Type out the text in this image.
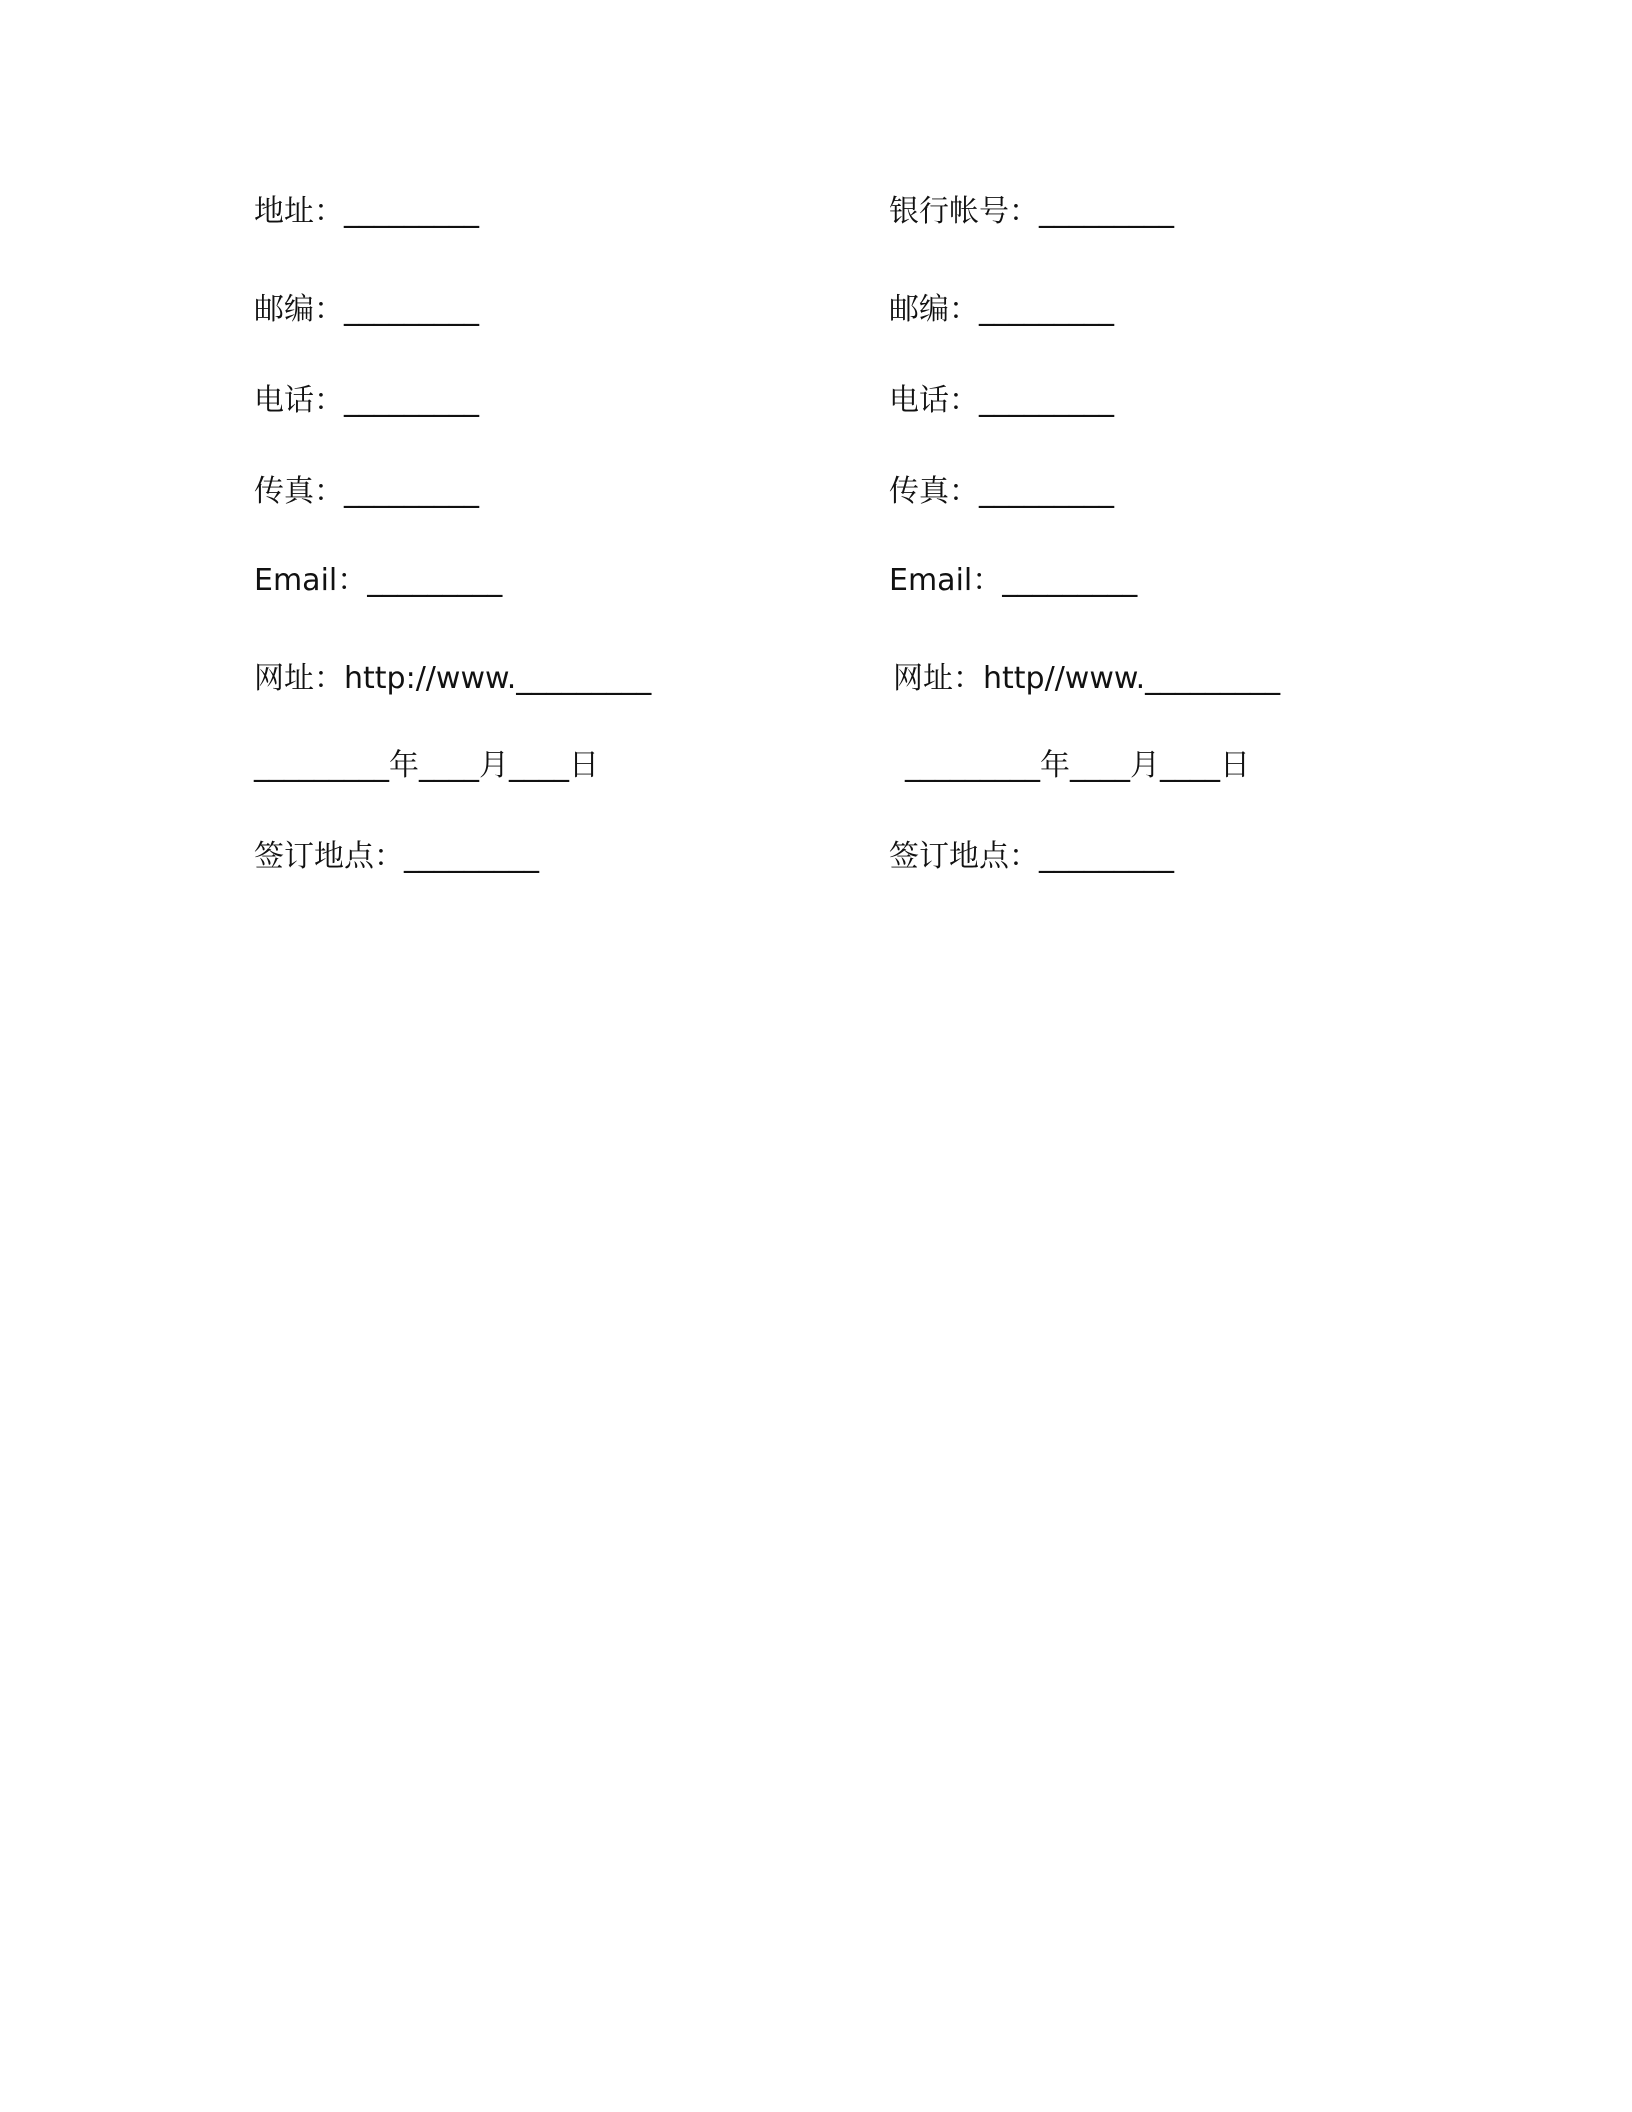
地址：_________
邮编：_________
电话：_________
传真：_________
Email：_________
网址：http://www._________
_________年____月____日
签订地点：_________
银行帐号：_________
邮编：_________
电话：_________
传真：_________
Email：_________
网址：http//www._________
_________年____月____日
签订地点：_________
